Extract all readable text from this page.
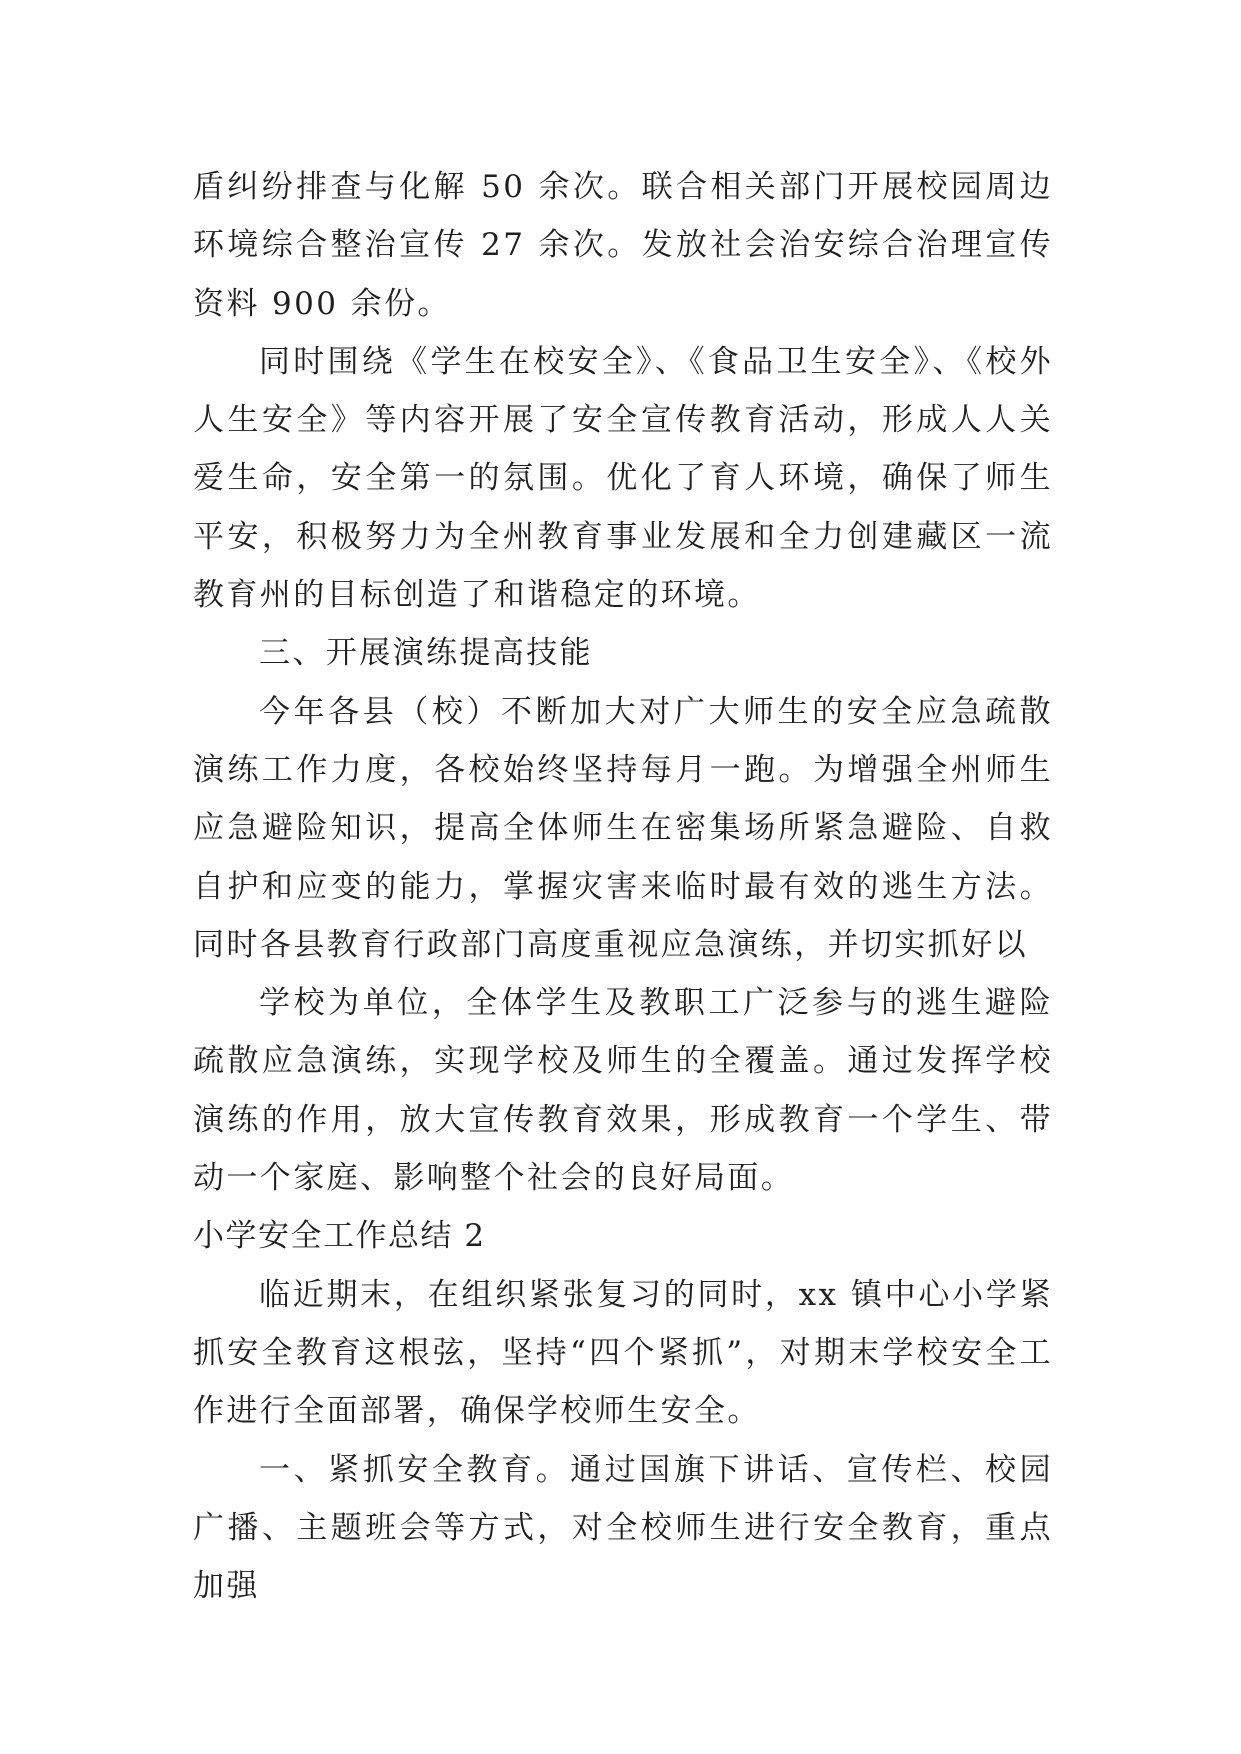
盾纠纷排查与化解 50 余次。联合相关部门开展校园周边环境综合整治宣传 27 余次。发放社会治安综合治理宣传资料 900 余份。

同时围绕《学生在校安全》、《食品卫生安全》、《校外人生安全》等内容开展了安全宣传教育活动，形成人人关爱生命，安全第一的氛围。优化了育人环境，确保了师生平安，积极努力为全州教育事业发展和全力创建藏区一流教育州的目标创造了和谐稳定的环境。

三、开展演练提高技能

今年各县（校）不断加大对广大师生的安全应急疏散演练工作力度，各校始终坚持每月一跑。为增强全州师生应急避险知识，提高全体师生在密集场所紧急避险、自救自护和应变的能力，掌握灾害来临时最有效的逃生方法。同时各县教育行政部门高度重视应急演练，并切实抓好以

学校为单位，全体学生及教职工广泛参与的逃生避险疏散应急演练，实现学校及师生的全覆盖。通过发挥学校演练的作用，放大宣传教育效果，形成教育一个学生、带动一个家庭、影响整个社会的良好局面。

小学安全工作总结 2

临近期末，在组织紧张复习的同时，xx 镇中心小学紧抓安全教育这根弦，坚持“四个紧抓”，对期末学校安全工作进行全面部署，确保学校师生安全。

一、紧抓安全教育。通过国旗下讲话、宣传栏、校园广播、主题班会等方式，对全校师生进行安全教育，重点加强
